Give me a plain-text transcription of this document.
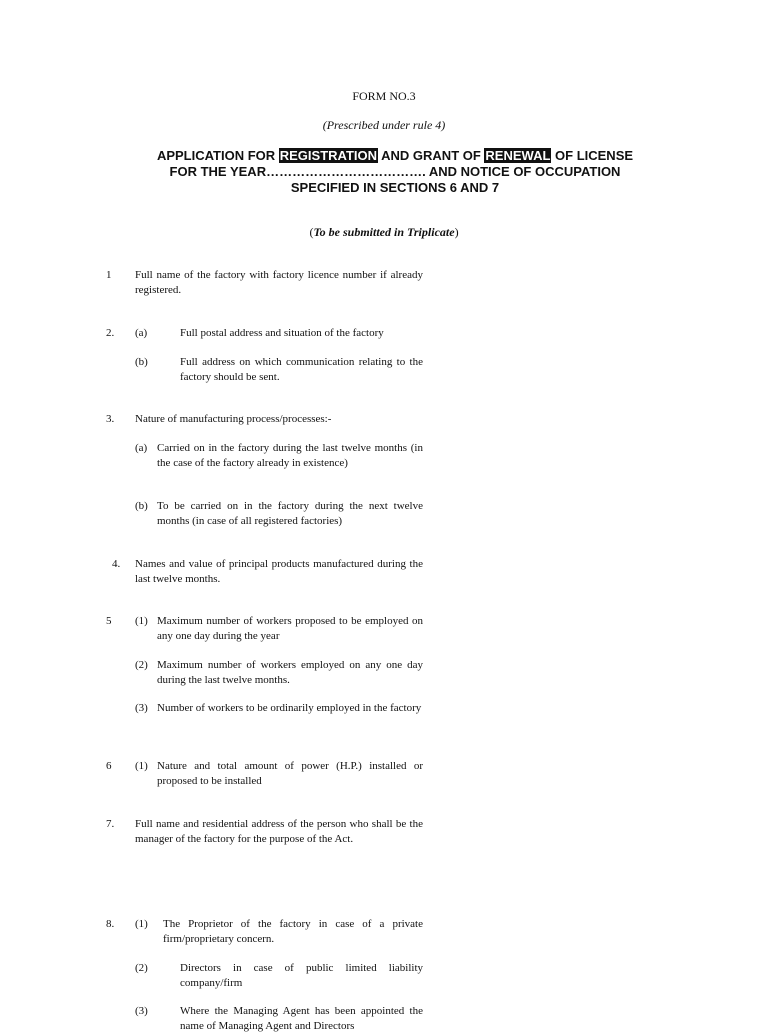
FORM NO.3
(Prescribed under rule 4)
APPLICATION FOR REGISTRATION AND GRANT OF RENEWAL OF LICENSE
FOR THE YEAR………………………………. AND NOTICE OF OCCUPATION
SPECIFIED IN SECTIONS 6 AND 7
(To be submitted in Triplicate)
1 Full name of the factory with factory licence number if already registered.
2. (a)	Full postal address and situation of the factory
(b)	Full address on which communication relating to the factory should be sent.
3. Nature of manufacturing process/processes:-
(a) Carried on in the factory during the last twelve months (in the case of the factory already in existence)
(b) To be carried on in the factory during the next twelve months (in case of all registered factories)
4. Names and value of principal products manufactured during the last twelve months.
5 (1) Maximum number of workers proposed to be employed on any one day during the year
(2) Maximum number of workers employed on any one day during the last twelve months.
(3) Number of workers to be ordinarily employed in the factory
6 (1) Nature and total amount of power (H.P.) installed or proposed to be installed
7. Full name and residential address of the person who shall be the manager of the factory for the purpose of the Act.
8. (1) The Proprietor of the factory in case of a private firm/proprietary concern.
(2)	Directors in case of public limited liability company/firm
(3)	Where the Managing Agent has been appointed the name of Managing Agent and Directors
